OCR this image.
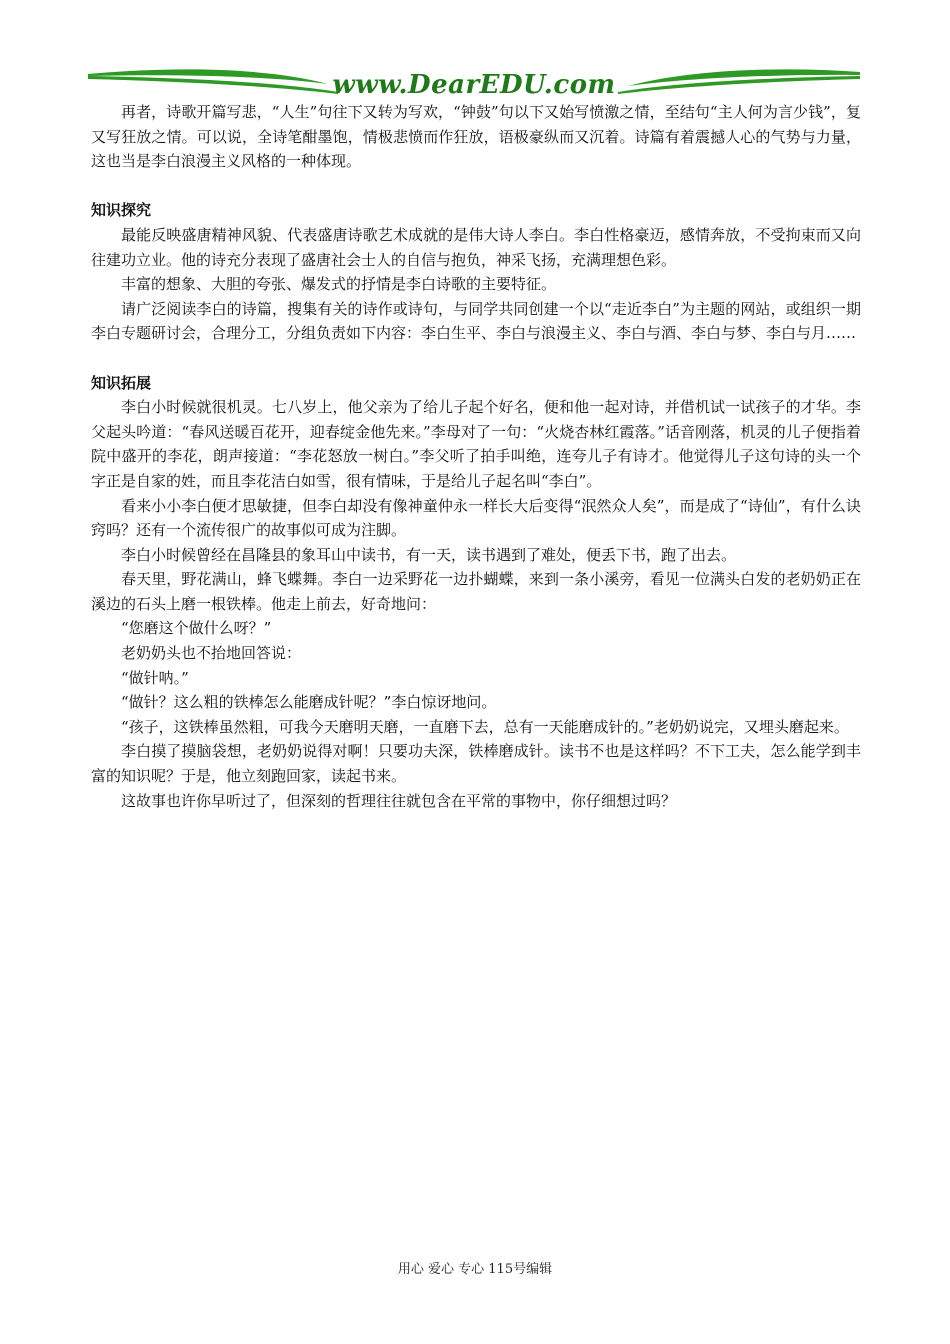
www.DearEDU.com

再者，诗歌开篇写悲，“人生”句往下又转为写欢，“钟鼓”句以下又始写愤激之情，至结句“主人何为言少钱”，复又写狂放之情。可以说，全诗笔酣墨饱，情极悲愤而作狂放，语极豪纵而又沉着。诗篇有着震撼人心的气势与力量，这也当是李白浪漫主义风格的一种体现。

知识探究

最能反映盛唐精神风貌、代表盛唐诗歌艺术成就的是伟大诗人李白。李白性格豪迈，感情奔放，不受拘束而又向往建功立业。他的诗充分表现了盛唐社会士人的自信与抱负，神采飞扬，充满理想色彩。

丰富的想象、大胆的夸张、爆发式的抒情是李白诗歌的主要特征。

请广泛阅读李白的诗篇，搜集有关的诗作或诗句，与同学共同创建一个以“走近李白”为主题的网站，或组织一期李白专题研讨会，合理分工，分组负责如下内容：李白生平、李白与浪漫主义、李白与酒、李白与梦、李白与月……

知识拓展

李白小时候就很机灵。七八岁上，他父亲为了给儿子起个好名，便和他一起对诗，并借机试一试孩子的才华。李父起头吟道：“春风送暖百花开，迎春绽金他先来。”李母对了一句：“火烧杏林红霞落。”话音刚落，机灵的儿子便指着院中盛开的李花，朗声接道：“李花怒放一树白。”李父听了拍手叫绝，连夸儿子有诗才。他觉得儿子这句诗的头一个字正是自家的姓，而且李花洁白如雪，很有情味，于是给儿子起名叫“李白”。

看来小小李白便才思敏捷，但李白却没有像神童仲永一样长大后变得“泯然众人矣”，而是成了“诗仙”，有什么诀窍吗？还有一个流传很广的故事似可成为注脚。

李白小时候曾经在昌隆县的象耳山中读书，有一天，读书遇到了难处，便丢下书，跑了出去。

春天里，野花满山，蜂飞蝶舞。李白一边采野花一边扑蝴蝶，来到一条小溪旁，看见一位满头白发的老奶奶正在溪边的石头上磨一根铁棒。他走上前去，好奇地问：

“您磨这个做什么呀？”

老奶奶头也不抬地回答说：

“做针呐。”

“做针？这么粗的铁棒怎么能磨成针呢？”李白惊讶地问。

“孩子，这铁棒虽然粗，可我今天磨明天磨，一直磨下去，总有一天能磨成针的。”老奶奶说完，又埋头磨起来。

李白摸了摸脑袋想，老奶奶说得对啊！只要功夫深，铁棒磨成针。读书不也是这样吗？不下工夫，怎么能学到丰富的知识呢？于是，他立刻跑回家，读起书来。

这故事也许你早听过了，但深刻的哲理往往就包含在平常的事物中，你仔细想过吗？

用心 爱心 专心 115号编辑
